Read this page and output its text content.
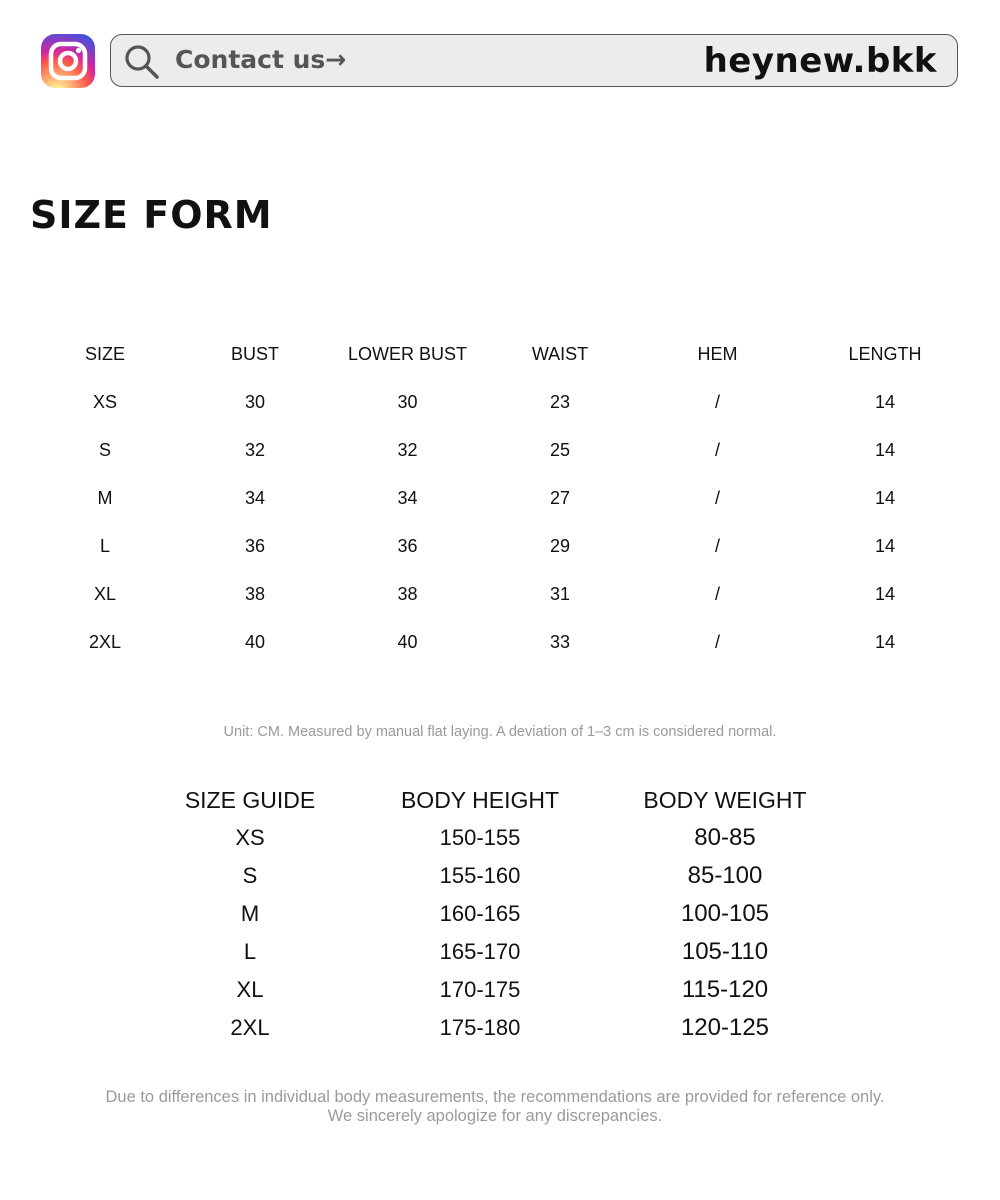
Contact us→	heynew.bkk
SIZE FORM
SIZE	BUST	LOWER BUST	WAIST	HEM	LENGTH
XS	30	30	23	/	14
S	32	32	25	/	14
M	34	34	27	/	14
L	36	36	29	/	14
XL	38	38	31	/	14
2XL	40	40	33	/	14
Unit: CM. Measured by manual flat laying. A deviation of 1–3 cm is considered normal.
SIZE GUIDE	BODY HEIGHT	BODY WEIGHT
XS	150-155	80-85
S	155-160	85-100
M	160-165	100-105
L	165-170	105-110
XL	170-175	115-120
2XL	175-180	120-125
Due to differences in individual body measurements, the recommendations are provided for reference only. We sincerely apologize for any discrepancies.
